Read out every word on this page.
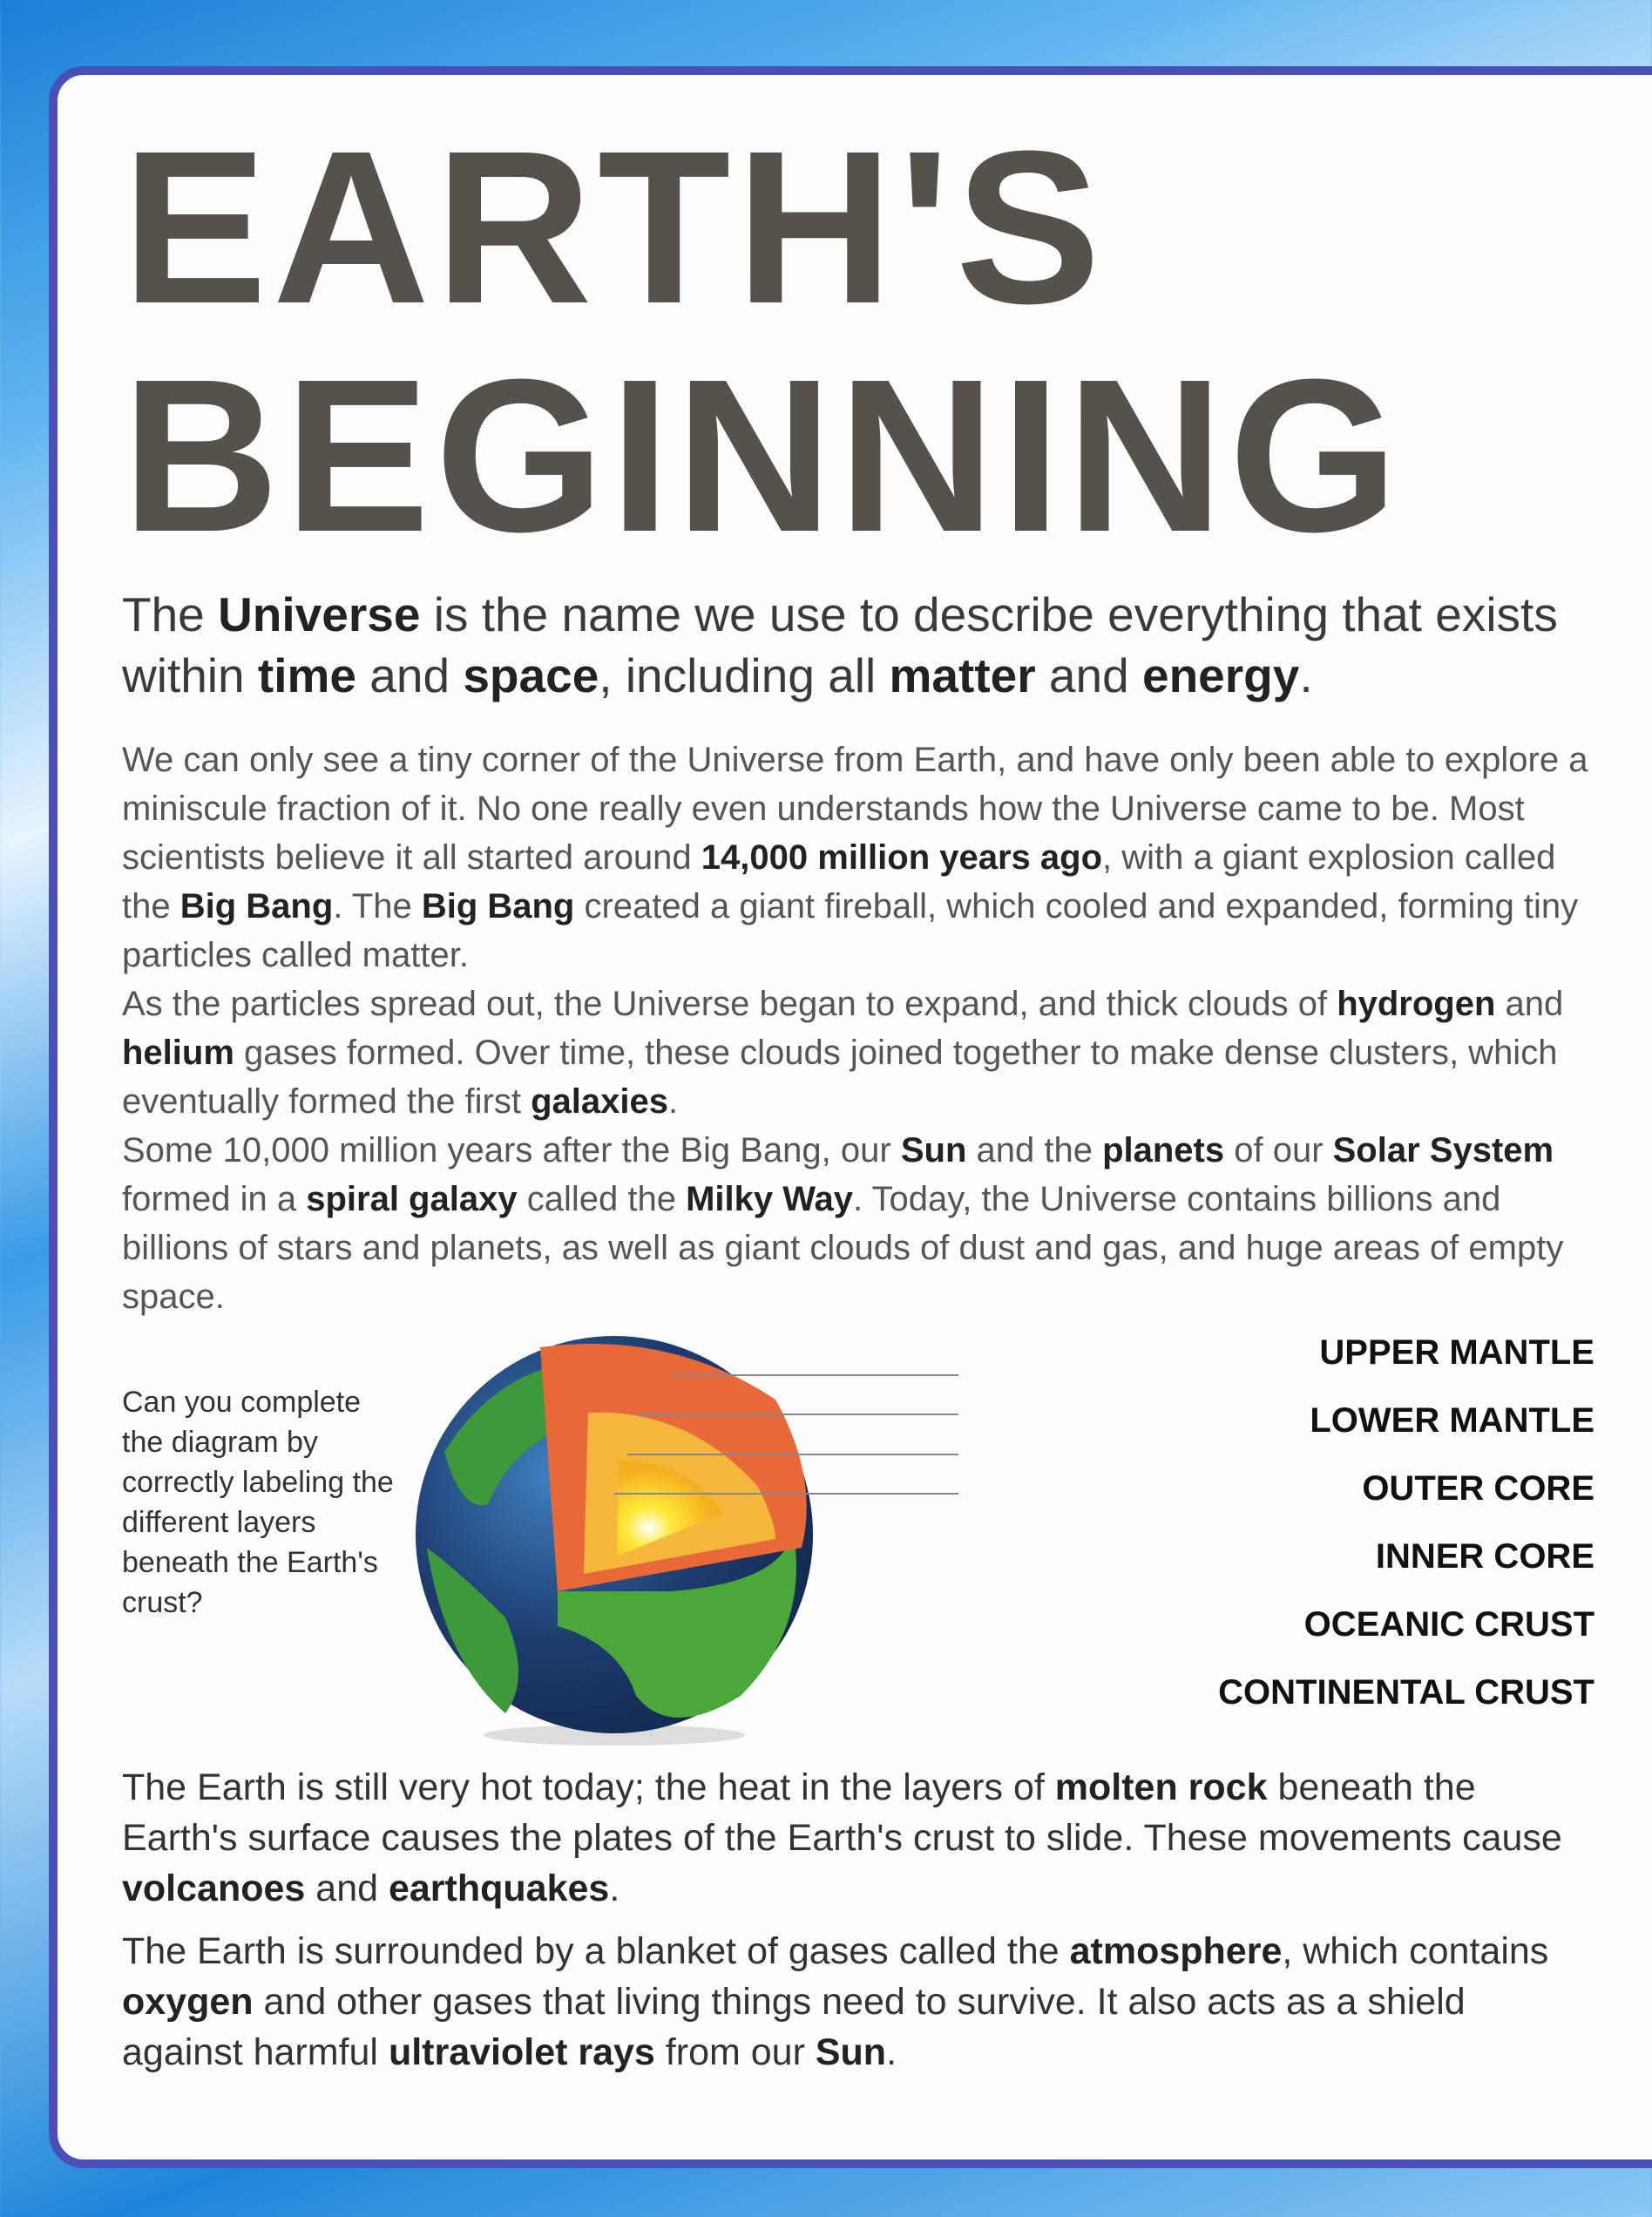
EARTH'S
BEGINNING

The Universe is the name we use to describe everything that exists within time and space, including all matter and energy.

We can only see a tiny corner of the Universe from Earth, and have only been able to explore a miniscule fraction of it. No one really even understands how the Universe came to be. Most scientists believe it all started around 14,000 million years ago, with a giant explosion called the Big Bang. The Big Bang created a giant fireball, which cooled and expanded, forming tiny particles called matter.
As the particles spread out, the Universe began to expand, and thick clouds of hydrogen and helium gases formed. Over time, these clouds joined together to make dense clusters, which eventually formed the first galaxies.
Some 10,000 million years after the Big Bang, our Sun and the planets of our Solar System formed in a spiral galaxy called the Milky Way. Today, the Universe contains billions and billions of stars and planets, as well as giant clouds of dust and gas, and huge areas of empty space.

Can you complete the diagram by correctly labeling the different layers beneath the Earth's crust?

UPPER MANTLE
LOWER MANTLE
OUTER CORE
INNER CORE
OCEANIC CRUST
CONTINENTAL CRUST

The Earth is still very hot today; the heat in the layers of molten rock beneath the Earth's surface causes the plates of the Earth's crust to slide. These movements cause volcanoes and earthquakes.

The Earth is surrounded by a blanket of gases called the atmosphere, which contains oxygen and other gases that living things need to survive. It also acts as a shield against harmful ultraviolet rays from our Sun.
